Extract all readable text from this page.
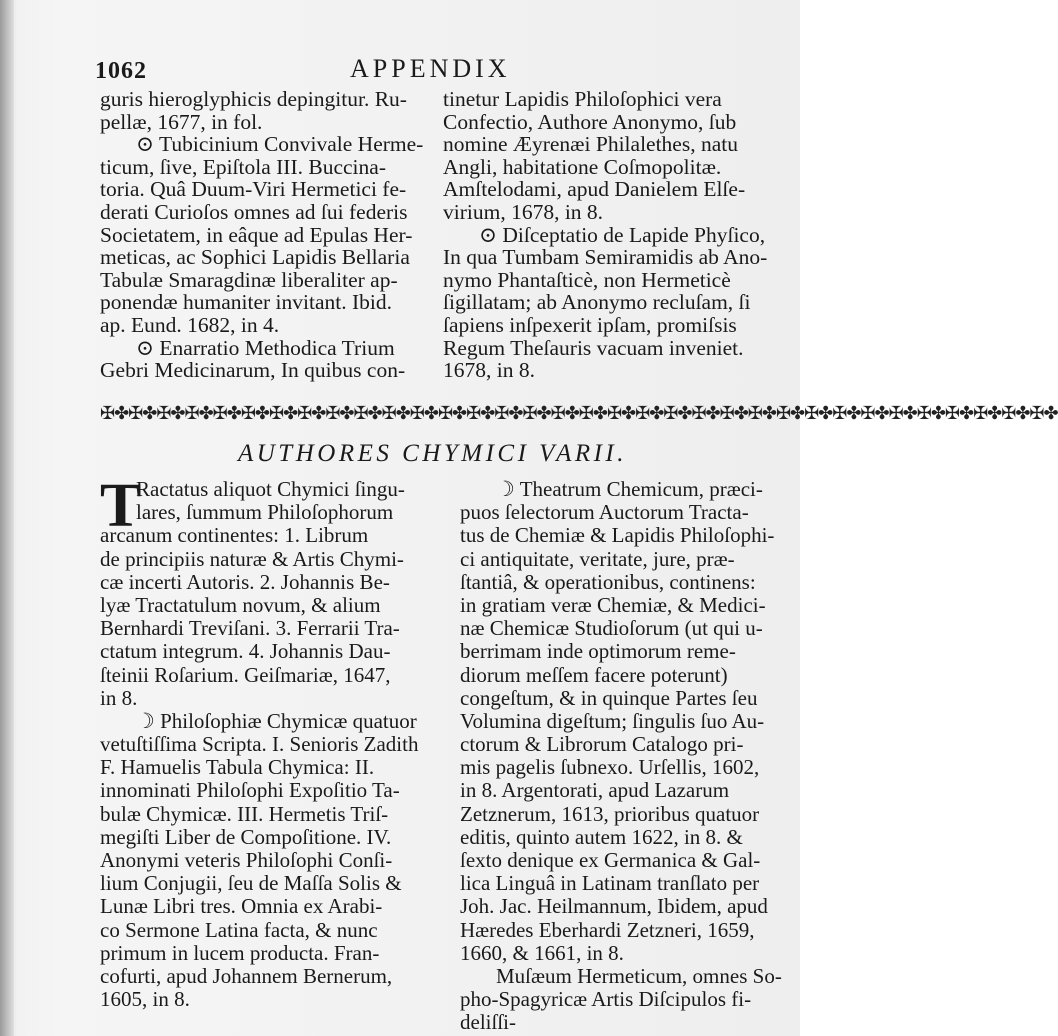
1062	APPENDIX
guris hieroglyphicis depingitur. Ru-
pellæ, 1677, in fol.
⊙ Tubicinium Convivale Herme-
ticum, ſive, Epiſtola III. Buccina-
toria. Quâ Duum-Viri Hermetici fe-
derati Curioſos omnes ad ſui federis
Societatem, in eâque ad Epulas Her-
meticas, ac Sophici Lapidis Bellaria
Tabulæ Smaragdinæ liberaliter ap-
ponendæ humaniter invitant. Ibid.
ap. Eund. 1682, in 4.
⊙ Enarratio Methodica Trium
Gebri Medicinarum, In quibus con-
tinetur Lapidis Philoſophici vera
Confectio, Authore Anonymo, ſub
nomine Æyrenæi Philalethes, natu
Angli, habitatione Coſmopolitæ.
Amſtelodami, apud Danielem Elſe-
virium, 1678, in 8.
⊙ Diſceptatio de Lapide Phyſico,
In qua Tumbam Semiramidis ab Ano-
nymo Phantaſticè, non Hermeticè
ſigillatam; ab Anonymo recluſam, ſi
ſapiens inſpexerit ipſam, promiſsis
Regum Theſauris vacuam inveniet.
1678, in 8.
✠✤✠✤✠✤✠✤✠✤✠✤✠✤✠✤✠✤✠✤✠✤✠✤✠✤✠✤✠✤✠✤✠✤✠✤✠✤✠✤✠✤✠✤✠✤✠✤✠✤✠✤✠✤✠✤✠✤✠✤✠✤✠✤✠✤✠✤
AUTHORES CHYMICI VARII.
T
Ractatus aliquot Chymici ſingu-
lares, ſummum Philoſophorum
arcanum continentes: 1. Librum
de principiis naturæ & Artis Chymi-
cæ incerti Autoris. 2. Johannis Be-
lyæ Tractatulum novum, & alium
Bernhardi Treviſani. 3. Ferrarii Tra-
ctatum integrum. 4. Johannis Dau-
ſteinii Roſarium. Geiſmariæ, 1647,
in 8.
☽ Philoſophiæ Chymicæ quatuor
vetuſtiſſima Scripta. I. Senioris Zadith
F. Hamuelis Tabula Chymica: II.
innominati Philoſophi Expoſitio Ta-
bulæ Chymicæ. III. Hermetis Triſ-
megiſti Liber de Compoſitione. IV.
Anonymi veteris Philoſophi Conſi-
lium Conjugii, ſeu de Maſſa Solis &
Lunæ Libri tres. Omnia ex Arabi-
co Sermone Latina facta, & nunc
primum in lucem producta. Fran-
cofurti, apud Johannem Bernerum,
1605, in 8.
☽ Theatrum Chemicum, præci-
puos ſelectorum Auctorum Tracta-
tus de Chemiæ & Lapidis Philoſophi-
ci antiquitate, veritate, jure, præ-
ſtantiâ, & operationibus, continens:
in gratiam veræ Chemiæ, & Medici-
næ Chemicæ Studioſorum (ut qui u-
berrimam inde optimorum reme-
diorum meſſem facere poterunt)
congeſtum, & in quinque Partes ſeu
Volumina digeſtum; ſingulis ſuo Au-
ctorum & Librorum Catalogo pri-
mis pagelis ſubnexo. Urſellis, 1602,
in 8. Argentorati, apud Lazarum
Zetznerum, 1613, prioribus quatuor
editis, quinto autem 1622, in 8. &
ſexto denique ex Germanica & Gal-
lica Linguâ in Latinam tranſlato per
Joh. Jac. Heilmannum, Ibidem, apud
Hæredes Eberhardi Zetzneri, 1659,
1660, & 1661, in 8.
Muſæum Hermeticum, omnes So-
pho-Spagyricæ Artis Diſcipulos fi-
deliſſi-
